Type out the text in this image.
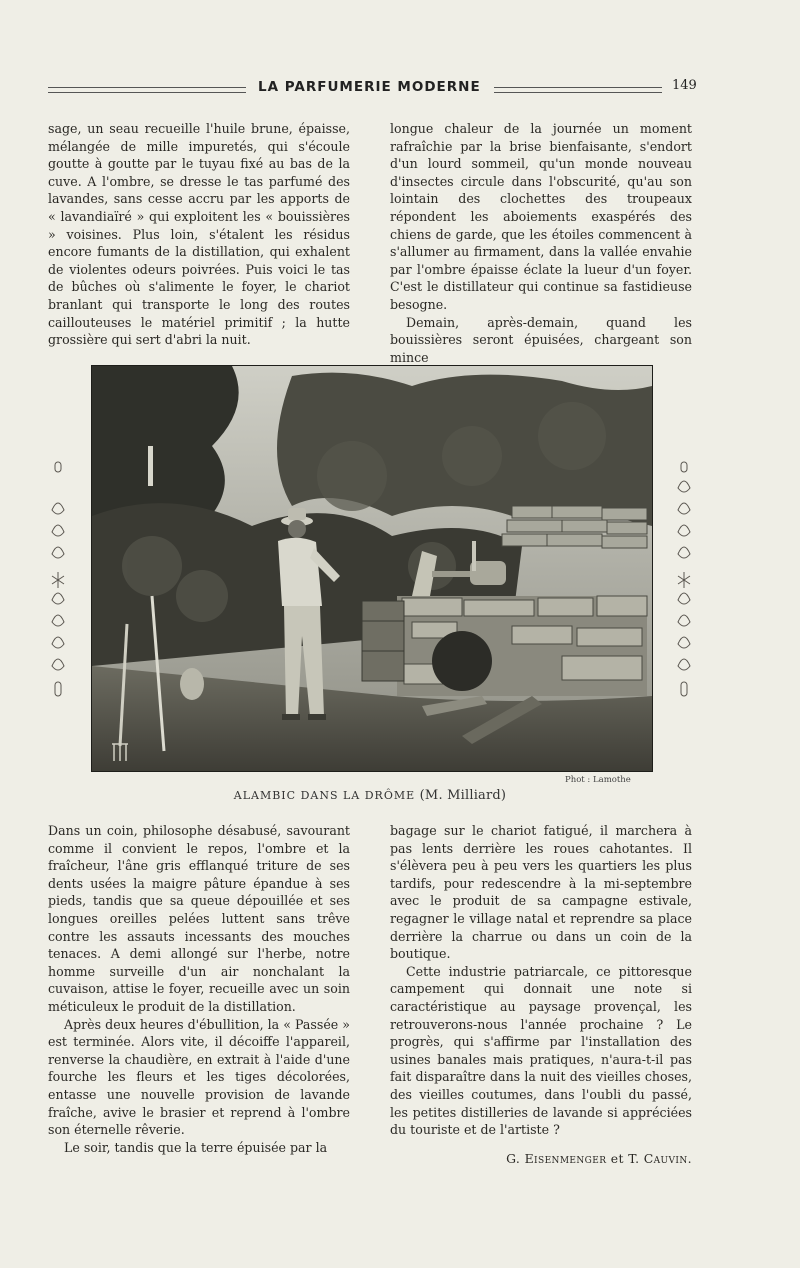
LA PARFUMERIE MODERNE	149

sage, un seau recueille l'huile brune, épaisse, mélangée de mille impuretés, qui s'écoule goutte à goutte par le tuyau fixé au bas de la cuve. A l'ombre, se dresse le tas parfumé des lavandes, sans cesse accru par les apports de « lavandiaïré » qui exploitent les « bouissières » voisines. Plus loin, s'étalent les résidus encore fumants de la distillation, qui exhalent de violentes odeurs poivrées. Puis voici le tas de bûches où s'alimente le foyer, le chariot branlant qui transporte le long des routes caillouteuses le matériel primitif ; la hutte grossière qui sert d'abri la nuit.

longue chaleur de la journée un moment rafraîchie par la brise bienfaisante, s'endort d'un lourd sommeil, qu'un monde nouveau d'insectes circule dans l'obscurité, qu'au son lointain des clochettes des troupeaux répondent les aboiements exaspérés des chiens de garde, que les étoiles commencent à s'allumer au firmament, dans la vallée envahie par l'ombre épaisse éclate la lueur d'un foyer. C'est le distillateur qui continue sa fastidieuse besogne.

Demain, après-demain, quand les bouissières seront épuisées, chargeant son mince

Phot : Lamothe
ALAMBIC DANS LA DRÔME (M. Milliard)

Dans un coin, philosophe désabusé, savourant comme il convient le repos, l'ombre et la fraîcheur, l'âne gris efflanqué triture de ses dents usées la maigre pâture épandue à ses pieds, tandis que sa queue dépouillée et ses longues oreilles pelées luttent sans trêve contre les assauts incessants des mouches tenaces. A demi allongé sur l'herbe, notre homme surveille d'un air nonchalant la cuvaison, attise le foyer, recueille avec un soin méticuleux le produit de la distillation.

Après deux heures d'ébullition, la « Passée » est terminée. Alors vite, il décoiffe l'appareil, renverse la chaudière, en extrait à l'aide d'une fourche les fleurs et les tiges décolorées, entasse une nouvelle provision de lavande fraîche, avive le brasier et reprend à l'ombre son éternelle rêverie.

Le soir, tandis que la terre épuisée par la

bagage sur le chariot fatigué, il marchera à pas lents derrière les roues cahotantes. Il s'élèvera peu à peu vers les quartiers les plus tardifs, pour redescendre à la mi-septembre avec le produit de sa campagne estivale, regagner le village natal et reprendre sa place derrière la charrue ou dans un coin de la boutique.

Cette industrie patriarcale, ce pittoresque campement qui donnait une note si caractéristique au paysage provençal, les retrouverons-nous l'année prochaine ? Le progrès, qui s'affirme par l'installation des usines banales mais pratiques, n'aura-t-il pas fait disparaître dans la nuit des vieilles choses, des vieilles coutumes, dans l'oubli du passé, les petites distilleries de lavande si appréciées du touriste et de l'artiste ?

G. Eisenmenger et T. Cauvin.
